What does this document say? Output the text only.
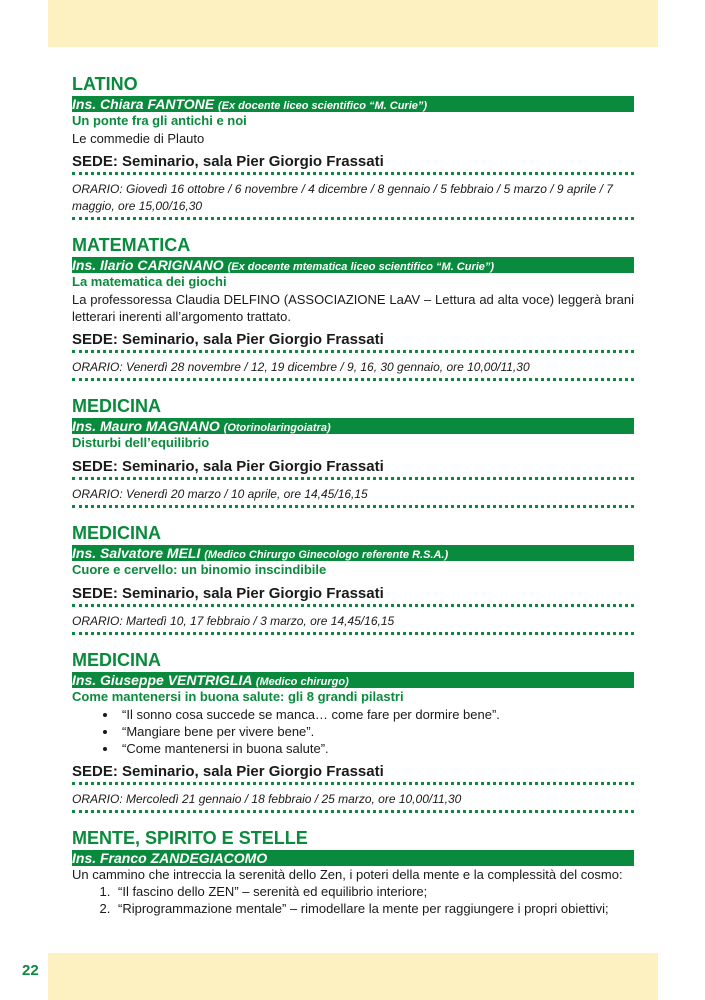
LATINO
Ins. Chiara FANTONE (Ex docente liceo scientifico “M. Curie”)
Un ponte fra gli antichi e noi
Le commedie di Plauto
SEDE: Seminario, sala Pier Giorgio Frassati
ORARIO: Giovedì 16 ottobre / 6 novembre / 4 dicembre / 8 gennaio / 5 febbraio / 5 marzo / 9 aprile / 7 maggio, ore 15,00/16,30
MATEMATICA
Ins. Ilario CARIGNANO (Ex docente mtematica liceo scientifico “M. Curie”)
La matematica dei giochi
La professoressa Claudia DELFINO (ASSOCIAZIONE LaAV – Lettura ad alta voce) leggerà brani letterari inerenti all’argomento trattato.
SEDE: Seminario, sala Pier Giorgio Frassati
ORARIO: Venerdì 28 novembre / 12, 19 dicembre / 9, 16, 30 gennaio, ore 10,00/11,30
MEDICINA
Ins. Mauro MAGNANO (Otorinolaringoiatra)
Disturbi dell’equilibrio
SEDE: Seminario, sala Pier Giorgio Frassati
ORARIO: Venerdì 20 marzo / 10 aprile, ore 14,45/16,15
MEDICINA
Ins. Salvatore MELI (Medico Chirurgo Ginecologo referente R.S.A.)
Cuore e cervello: un binomio inscindibile
SEDE: Seminario, sala Pier Giorgio Frassati
ORARIO: Martedì 10, 17 febbraio / 3 marzo, ore 14,45/16,15
MEDICINA
Ins. Giuseppe VENTRIGLIA (Medico chirurgo)
Come mantenersi in buona salute: gli 8 grandi pilastri
• “Il sonno cosa succede se manca… come fare per dormire bene”.
• “Mangiare bene per vivere bene”.
• “Come mantenersi in buona salute”.
SEDE: Seminario, sala Pier Giorgio Frassati
ORARIO: Mercoledì 21 gennaio / 18 febbraio / 25 marzo, ore 10,00/11,30
MENTE, SPIRITO E STELLE
Ins. Franco ZANDEGIACOMO
Un cammino che intreccia la serenità dello Zen, i poteri della mente e la complessità del cosmo:
1. “Il fascino dello ZEN” – serenità ed equilibrio interiore;
2. “Riprogrammazione mentale” – rimodellare la mente per raggiungere i propri obiettivi;
22
